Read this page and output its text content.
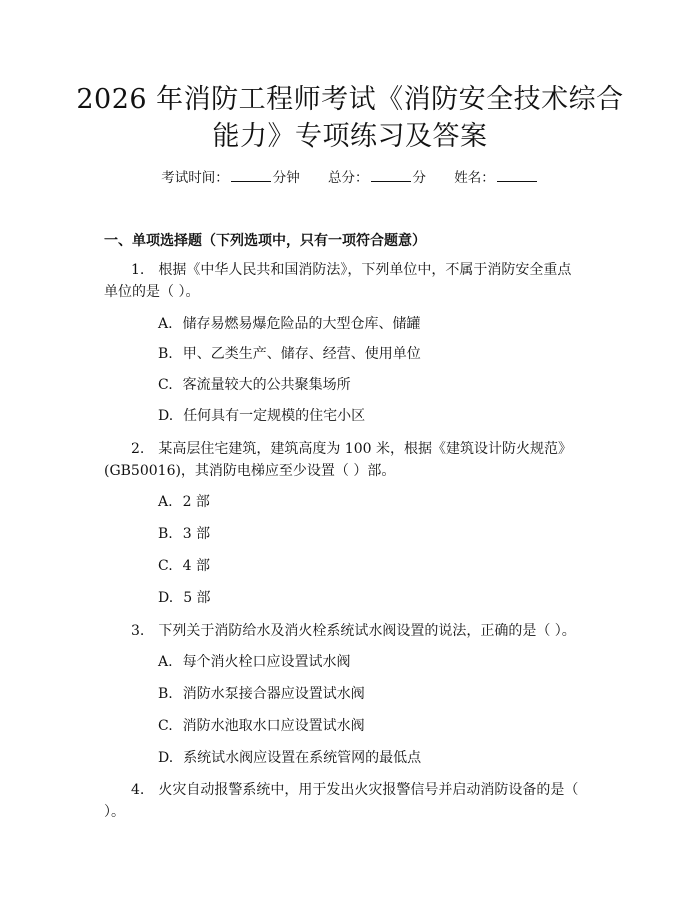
2026 年消防工程师考试《消防安全技术综合
能力》专项练习及答案
考试时间：	分钟 总分：	分 姓名：
一、单项选择题（下列选项中，只有一项符合题意）
1. 根据《中华人民共和国消防法》，下列单位中，不属于消防安全重点单位的是（ ）。
A. 储存易燃易爆危险品的大型仓库、储罐
B. 甲、乙类生产、储存、经营、使用单位
C. 客流量较大的公共聚集场所
D. 任何具有一定规模的住宅小区
2. 某高层住宅建筑，建筑高度为 100 米，根据《建筑设计防火规范》(GB50016)，其消防电梯应至少设置（ ）部。
A. 2 部
B. 3 部
C. 4 部
D. 5 部
3. 下列关于消防给水及消火栓系统试水阀设置的说法，正确的是（ ）。
A. 每个消火栓口应设置试水阀
B. 消防水泵接合器应设置试水阀
C. 消防水池取水口应设置试水阀
D. 系统试水阀应设置在系统管网的最低点
4. 火灾自动报警系统中，用于发出火灾报警信号并启动消防设备的是（ ）。
